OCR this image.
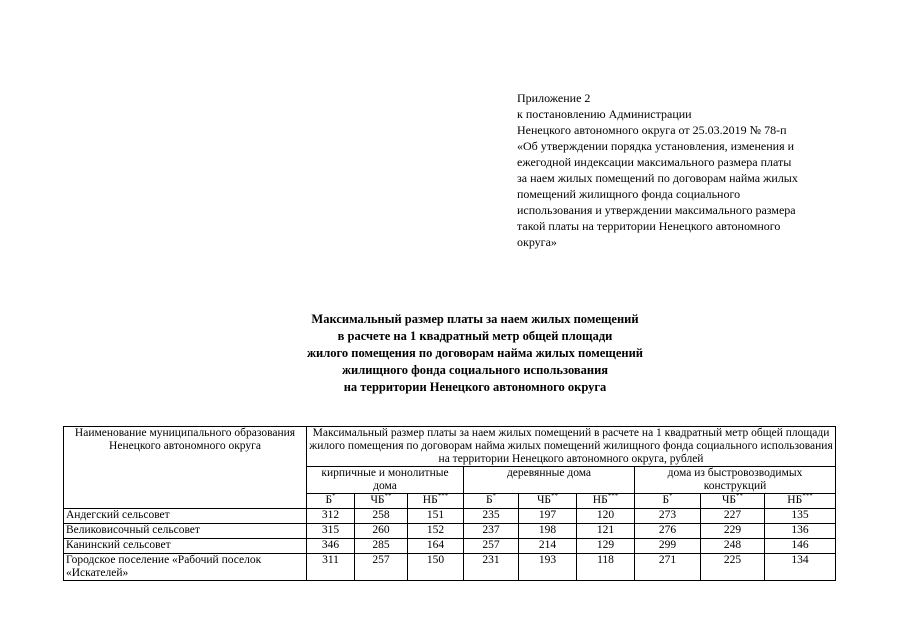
Приложение 2
к постановлению Администрации
Ненецкого автономного округа от 25.03.2019 № 78-п
«Об утверждении порядка установления, изменения и
ежегодной индексации максимального размера платы
за наем жилых помещений по договорам найма жилых
помещений жилищного фонда социального
использования и утверждении максимального размера
такой платы на территории Ненецкого автономного
округа»
Максимальный размер платы за наем жилых помещений
в расчете на 1 квадратный метр общей площади
жилого помещения по договорам найма жилых помещений
жилищного фонда социального использования
на территории Ненецкого автономного округа
Наименование муниципального образования Ненецкого автономного округа	Максимальный размер платы за наем жилых помещений в расчете на 1 квадратный метр общей площади жилого помещения по договорам найма жилых помещений жилищного фонда социального использования на территории Ненецкого автономного округа, рублей								
	кирпичные и монолитные дома			деревянные дома			дома из быстровозводимых конструкций		
	Б*	ЧБ**	НБ***	Б*	ЧБ**	НБ***	Б*	ЧБ**	НБ***
Андегский сельсовет	312	258	151	235	197	120	273	227	135
Великовисочный сельсовет	315	260	152	237	198	121	276	229	136
Канинский сельсовет	346	285	164	257	214	129	299	248	146
Городское поселение «Рабочий поселок «Искателей»	311	257	150	231	193	118	271	225	134
